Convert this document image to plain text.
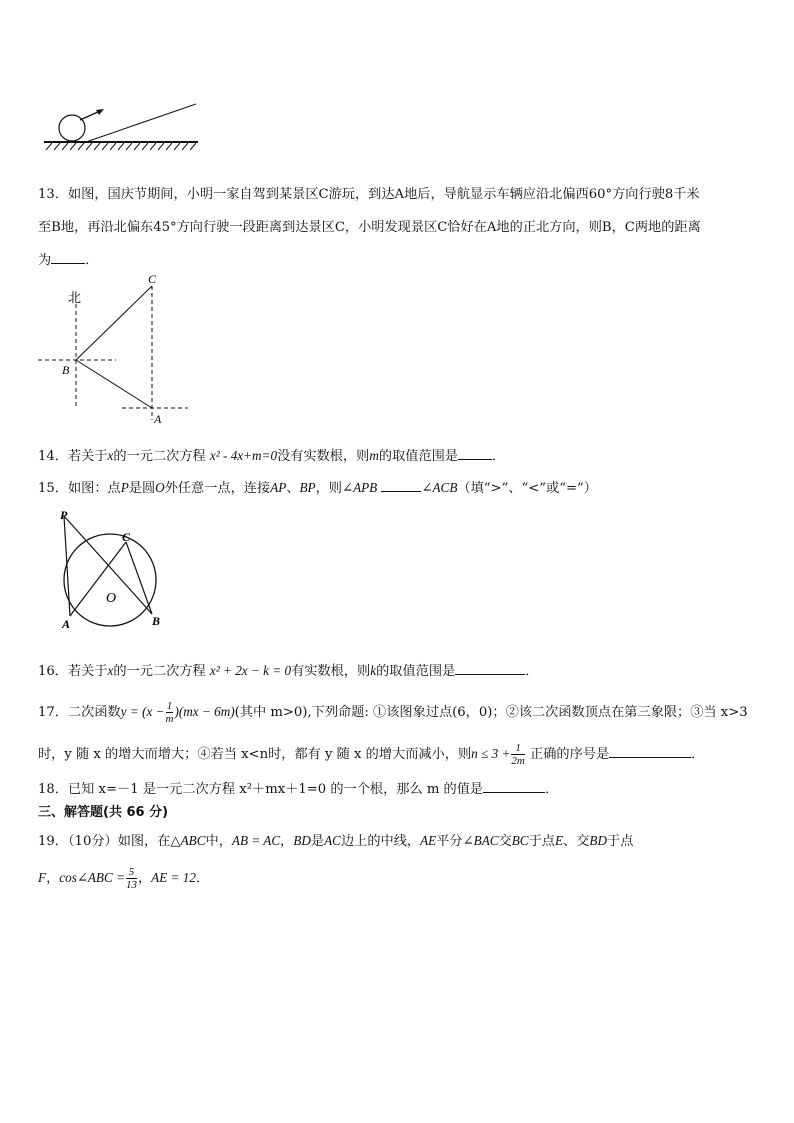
13．如图，国庆节期间，小明一家自驾到某景区C游玩，到达A地后，导航显示车辆应沿北偏西60°方向行驶8千米
至B地，再沿北偏东45°方向行驶一段距离到达景区C，小明发现景区C恰好在A地的正北方向，则B，C两地的距离
为	．
北
B
C
A
14．若关于x的一元二次方程 x² - 4x+m=0没有实数根，则m的取值范围是	．
15．如图：点P是圆O外任意一点，连接AP、BP，则∠APB	∠ACB（填“>”、“<”或“=”）
P
C
O
A	B
16．若关于x的一元二次方程 x² + 2x − k = 0有实数根，则k的取值范围是	．
17．二次函数$y = (x - \frac{1}{m} )(mx - 6m)$(其中 m>0),下列命题: ①该图象过点(6，0)；②该二次函数顶点在第三象限；③当 x>3
时，y 随 x 的增大而增大；④若当 x<n时，都有 y 随 x 的增大而减小，则$n \le 3 + \frac{1}{2m}$ 正确的序号是	．
18．已知 x=－1 是一元二次方程 x²＋mx＋1=0 的一个根，那么 m 的值是	．
三、解答题(共 66 分)
19．（10分）如图，在△ABC中，AB = AC，BD是AC边上的中线，AE平分∠BAC交BC于点E、交BD于点
F，cos∠ABC = $\frac{5}{13}$ ，AE = 12．
